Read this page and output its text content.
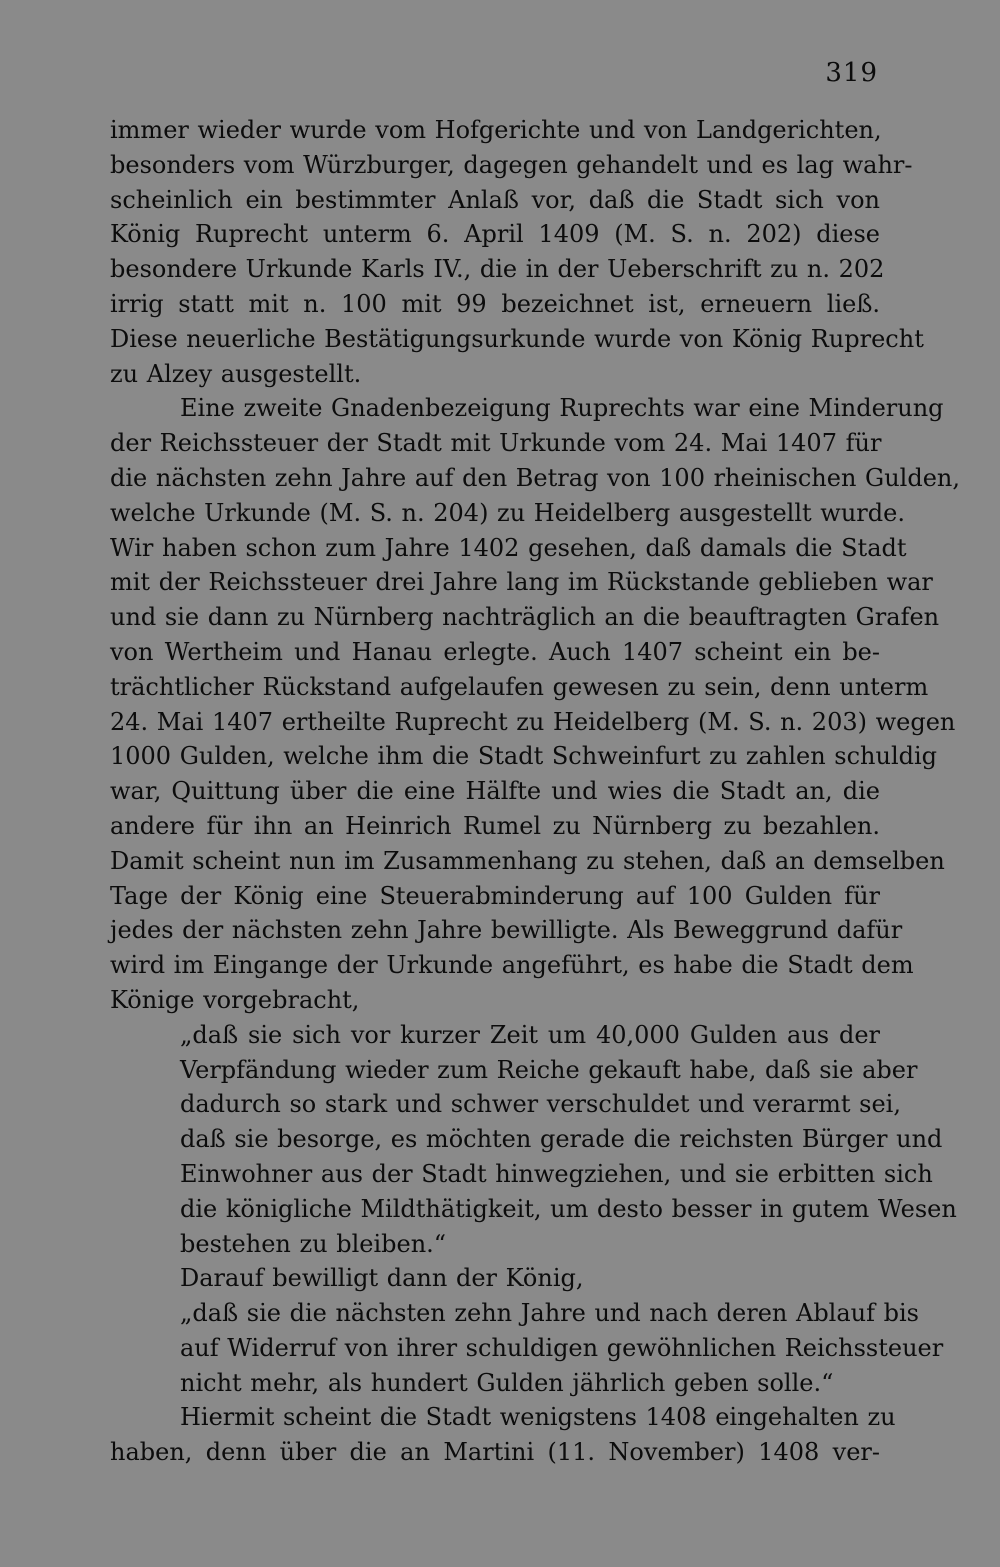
319
immer wieder wurde vom Hofgerichte und von Landgerichten,
besonders vom Würzburger, dagegen gehandelt und es lag wahr-
scheinlich ein bestimmter Anlaß vor, daß die Stadt sich von
König Ruprecht unterm 6. April 1409 (M. S. n. 202) diese
besondere Urkunde Karls IV., die in der Ueberschrift zu n. 202
irrig statt mit n. 100 mit 99 bezeichnet ist, erneuern ließ.
Diese neuerliche Bestätigungsurkunde wurde von König Ruprecht
zu Alzey ausgestellt.
Eine zweite Gnadenbezeigung Ruprechts war eine Minderung
der Reichssteuer der Stadt mit Urkunde vom 24. Mai 1407 für
die nächsten zehn Jahre auf den Betrag von 100 rheinischen Gulden,
welche Urkunde (M. S. n. 204) zu Heidelberg ausgestellt wurde.
Wir haben schon zum Jahre 1402 gesehen, daß damals die Stadt
mit der Reichssteuer drei Jahre lang im Rückstande geblieben war
und sie dann zu Nürnberg nachträglich an die beauftragten Grafen
von Wertheim und Hanau erlegte. Auch 1407 scheint ein be-
trächtlicher Rückstand aufgelaufen gewesen zu sein, denn unterm
24. Mai 1407 ertheilte Ruprecht zu Heidelberg (M. S. n. 203) wegen
1000 Gulden, welche ihm die Stadt Schweinfurt zu zahlen schuldig
war, Quittung über die eine Hälfte und wies die Stadt an, die
andere für ihn an Heinrich Rumel zu Nürnberg zu bezahlen.
Damit scheint nun im Zusammenhang zu stehen, daß an demselben
Tage der König eine Steuerabminderung auf 100 Gulden für
jedes der nächsten zehn Jahre bewilligte. Als Beweggrund dafür
wird im Eingange der Urkunde angeführt, es habe die Stadt dem
Könige vorgebracht,
„daß sie sich vor kurzer Zeit um 40,000 Gulden aus der
Verpfändung wieder zum Reiche gekauft habe, daß sie aber
dadurch so stark und schwer verschuldet und verarmt sei,
daß sie besorge, es möchten gerade die reichsten Bürger und
Einwohner aus der Stadt hinwegziehen, und sie erbitten sich
die königliche Mildthätigkeit, um desto besser in gutem Wesen
bestehen zu bleiben.“
Darauf bewilligt dann der König,
„daß sie die nächsten zehn Jahre und nach deren Ablauf bis
auf Widerruf von ihrer schuldigen gewöhnlichen Reichssteuer
nicht mehr, als hundert Gulden jährlich geben solle.“
Hiermit scheint die Stadt wenigstens 1408 eingehalten zu
haben, denn über die an Martini (11. November) 1408 ver-
